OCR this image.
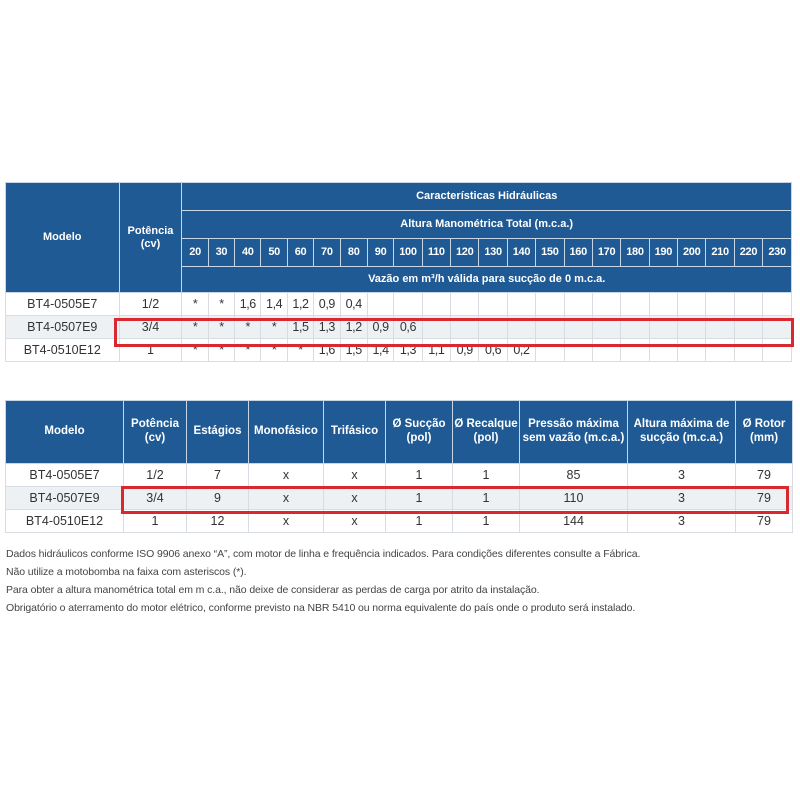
Modelo	Potência (cv)	Características Hidráulicas																					
		Altura Manométrica Total (m.c.a.)																					
		20	30	40	50	60	70	80	90	100	110	120	130	140	150	160	170	180	190	200	210	220	230
		Vazão em m³/h válida para sucção de 0 m.c.a.																					
BT4-0505E7	1/2	*	*	1,6	1,4	1,2	0,9	0,4															
BT4-0507E9	3/4	*	*	*	*	1,5	1,3	1,2	0,9	0,6													
BT4-0510E12	1	*	*	*	*	*	1,6	1,5	1,4	1,3	1,1	0,9	0,6	0,2									
Modelo	Potência (cv)	Estágios	Monofásico	Trifásico	Ø Sucção (pol)	Ø Recalque (pol)	Pressão máxima sem vazão (m.c.a.)	Altura máxima de sucção (m.c.a.)	Ø Rotor (mm)
BT4-0505E7	1/2	7	x	x	1	1	85	3	79
BT4-0507E9	3/4	9	x	x	1	1	110	3	79
BT4-0510E12	1	12	x	x	1	1	144	3	79

Dados hidráulicos conforme ISO 9906 anexo “A”, com motor de linha e frequência indicados. Para condições diferentes consulte a Fábrica.

Não utilize a motobomba na faixa com asteriscos (*).

Para obter a altura manométrica total em m c.a., não deixe de considerar as perdas de carga por atrito da instalação.

Obrigatório o aterramento do motor elétrico, conforme previsto na NBR 5410 ou norma equivalente do país onde o produto será instalado.
